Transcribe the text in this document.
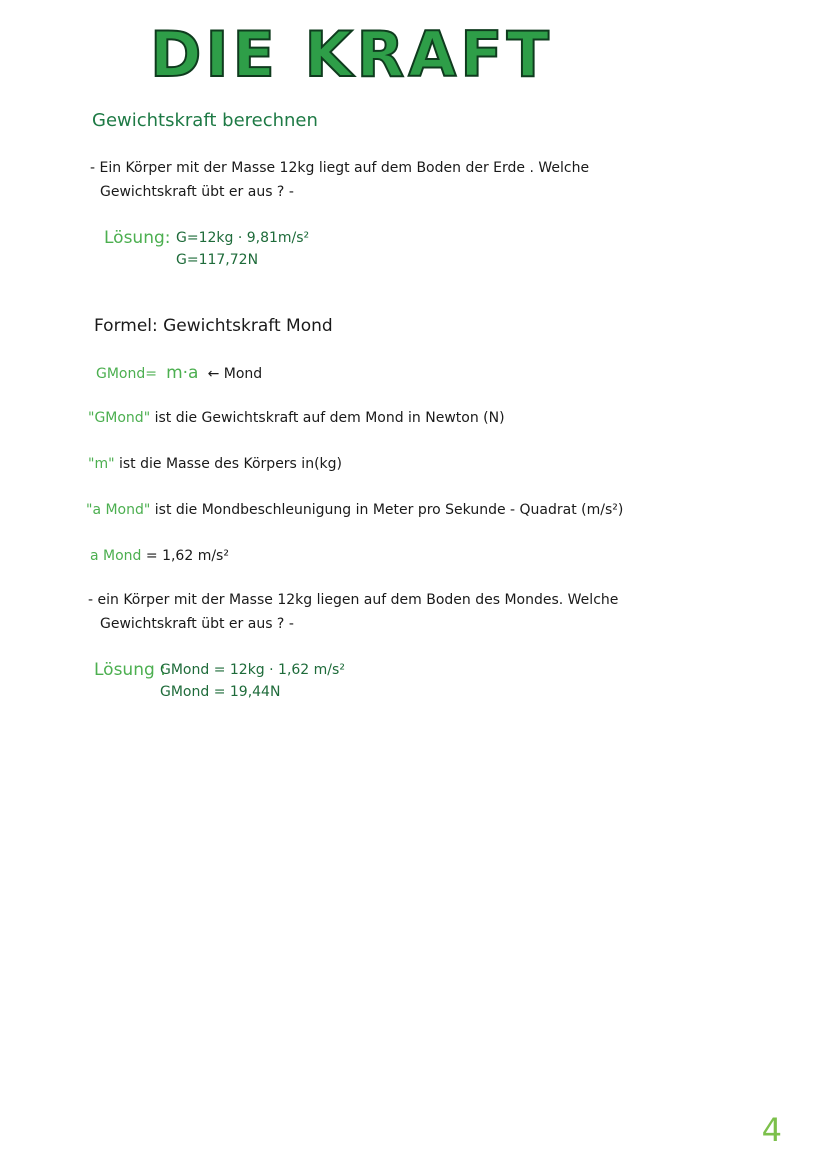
DIE KRAFT
Gewichtskraft berechnen
- Ein Körper mit der Masse 12kg liegt auf dem Boden der Erde . Welche
Gewichtskraft übt er aus ? -
Lösung: G=12kg · 9,81m/s²
G=117,72N
Formel: Gewichtskraft Mond
GMond= m·a ← Mond
"GMond" ist die Gewichtskraft auf dem Mond in Newton (N)
"m" ist die Masse des Körpers in(kg)
"a Mond" ist die Mondbeschleunigung in Meter pro Sekunde - Quadrat (m/s²)
a Mond = 1,62 m/s²
- ein Körper mit der Masse 12kg liegen auf dem Boden des Mondes. Welche
Gewichtskraft übt er aus ? -
Lösung :
GMond = 12kg · 1,62 m/s²
GMond = 19,44N
4
